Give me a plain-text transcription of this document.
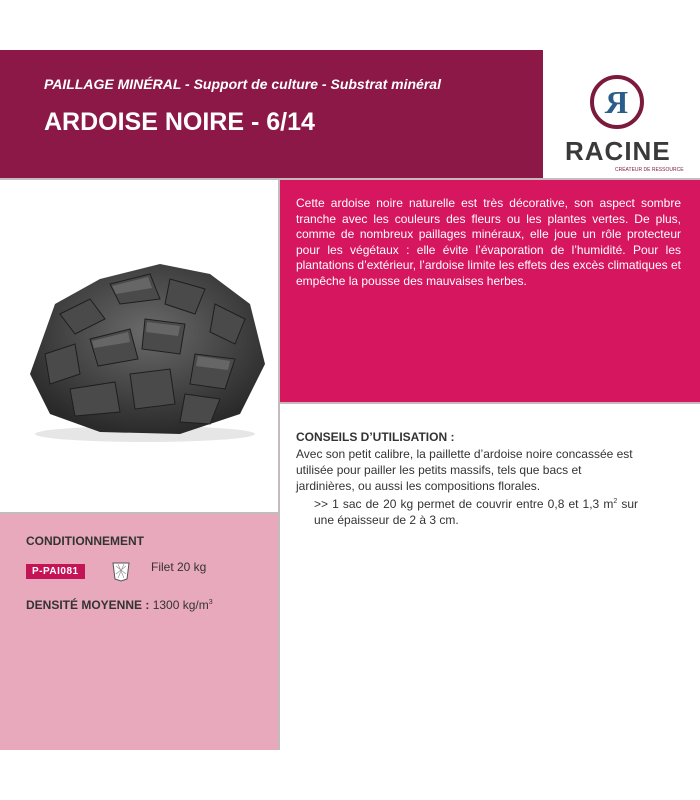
PAILLAGE MINÉRAL - Support de culture - Substrat minéral
ARDOISE NOIRE - 6/14
R
RACINE
CRÉATEUR DE RESSOURCE

Cette ardoise noire naturelle est très décorative, son aspect sombre tranche avec les couleurs des fleurs ou les plantes vertes. De plus, comme de nombreux paillages minéraux, elle joue un rôle protecteur pour les végétaux : elle évite l’évaporation de l’humidité. Pour les plantations d’extérieur, l’ardoise limite les effets des excès climatiques et empêche la pousse des mauvaises herbes.

CONSEILS D’UTILISATION :

Avec son petit calibre, la paillette d’ardoise noire concassée est utilisée pour pailler les petits massifs, tels que bacs et jardinières, ou aussi les compositions florales.

>> 1 sac de 20 kg permet de couvrir entre 0,8 et 1,3 $m^2$ sur une épaisseur de 2 à 3 cm.

CONDITIONNEMENT
P-PAI081	Filet 20 kg
DENSITÉ MOYENNE : 1300 $kg/m^3$
